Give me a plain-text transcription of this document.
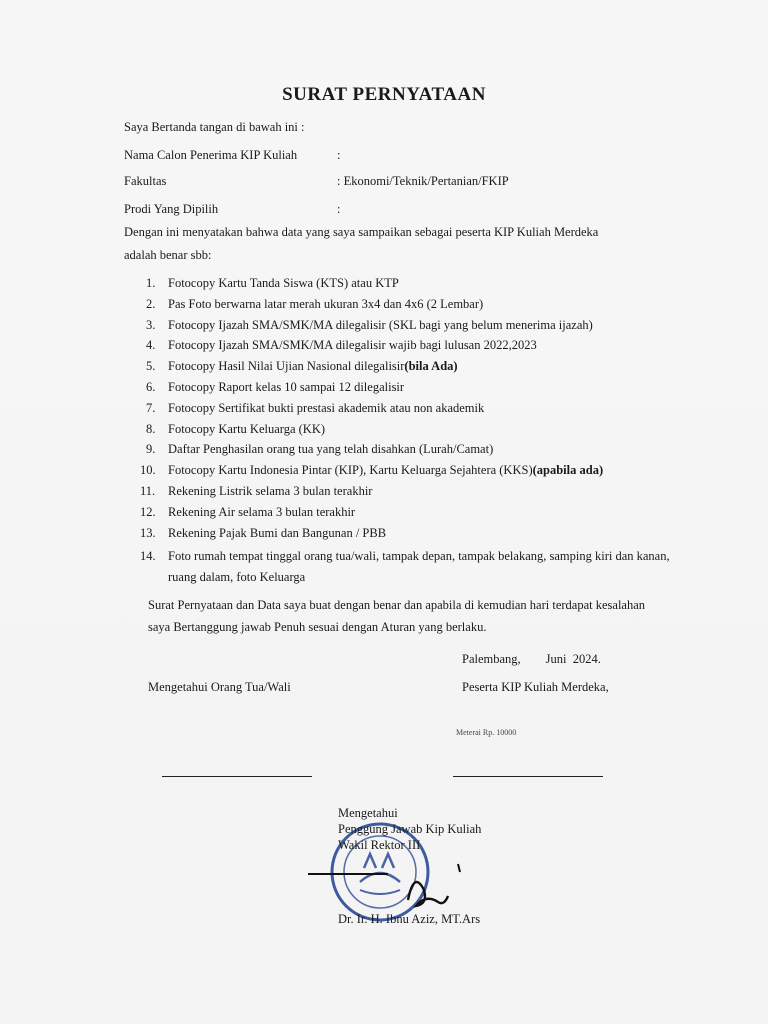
SURAT PERNYATAAN
Saya Bertanda tangan di bawah ini :
Nama Calon Penerima KIP Kuliah	:
Fakultas	: Ekonomi/Teknik/Pertanian/FKIP
Prodi Yang Dipilih	:
Dengan ini menyatakan bahwa data yang saya sampaikan sebagai peserta KIP Kuliah Merdeka
adalah benar sbb:
1.	Fotocopy Kartu Tanda Siswa (KTS) atau KTP
2.	Pas Foto berwarna latar merah ukuran 3x4 dan 4x6 (2 Lembar)
3.	Fotocopy Ijazah SMA/SMK/MA dilegalisir (SKL bagi yang belum menerima ijazah)
4.	Fotocopy Ijazah SMA/SMK/MA dilegalisir wajib bagi lulusan 2022,2023
5.	Fotocopy Hasil Nilai Ujian Nasional dilegalisir (bila Ada)
6.	Fotocopy Raport kelas 10 sampai 12 dilegalisir
7.	Fotocopy Sertifikat bukti prestasi akademik atau non akademik
8.	Fotocopy Kartu Keluarga (KK)
9.	Daftar Penghasilan orang tua yang telah disahkan (Lurah/Camat)
10. Fotocopy Kartu Indonesia Pintar (KIP), Kartu Keluarga Sejahtera (KKS) (apabila ada)
11.	Rekening Listrik selama 3 bulan terakhir
12. Rekening Air selama 3 bulan terakhir
13. Rekening Pajak Bumi dan Bangunan / PBB
14. Foto rumah tempat tinggal orang tua/wali, tampak depan, tampak belakang, samping kiri dan kanan, ruang dalam, foto Keluarga
Surat Pernyataan dan Data saya buat dengan benar dan apabila di kemudian hari terdapat kesalahan
saya Bertanggung jawab Penuh sesuai dengan Aturan yang berlaku.
Palembang,        Juni  2024.
Mengetahui Orang Tua/Wali	Peserta KIP Kuliah Merdeka,
Meterai Rp. 10000
Mengetahui
Penggung Jawab Kip Kuliah
Wakil Rektor III
Dr. Ir. H. Ibnu Aziz, MT.Ars
